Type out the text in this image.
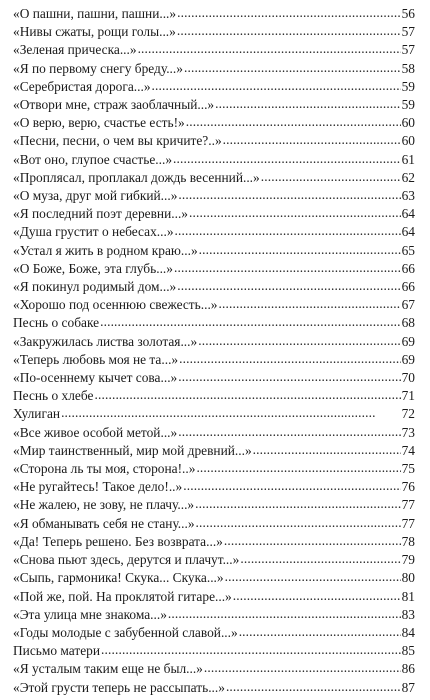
«О пашни, пашни, пашни...» . . .	56
«Нивы сжаты, рощи голы...» . . .	57
«Зеленая прическа...» . . .	57
«Я по первому снегу бреду...» . . .	58
«Серебристая дорога...» . . .	59
«Отвори мне, страж заоблачный...» . . .	59
«О верю, верю, счастье есть!» . . .	60
«Песни, песни, о чем вы кричите?..» . . .	60
«Вот оно, глупое счастье...» . . .	61
«Проплясал, проплакал дождь весенний...» . . .	62
«О муза, друг мой гибкий...» . . .	63
«Я последний поэт деревни...» . . .	64
«Душа грустит о небесах...» . . .	64
«Устал я жить в родном краю...» . . .	65
«О Боже, Боже, эта глубь...» . . .	66
«Я покинул родимый дом...» . . .	66
«Хорошо под осеннюю свежесть...» . . .	67
Песнь о собаке . . .	68
«Закружилась листва золотая...» . . .	69
«Теперь любовь моя не та...» . . .	69
«По-осеннему кычет сова...» . . .	70
Песнь о хлебе . . .	71
Хулиган . . .	72
«Все живое особой метой...» . . .	73
«Мир таинственный, мир мой древний...» . . .	74
«Сторона ль ты моя, сторона!..» . . .	75
«Не ругайтесь! Такое дело!..» . . .	76
«Не жалею, не зову, не плачу...» . . .	77
«Я обманывать себя не стану...» . . .	77
«Да! Теперь решено. Без возврата...» . . .	78
«Снова пьют здесь, дерутся и плачут...» . . .	79
«Сыпь, гармоника! Скука... Скука...» . . .	80
«Пой же, пой. На проклятой гитаре...» . . .	81
«Эта улица мне знакома...» . . .	83
«Годы молодые с забубенной славой...» . . .	84
Письмо матери . . .	85
«Я усталым таким еще не был...» . . .	86
«Этой грусти теперь не рассыпать...» . . .	87
